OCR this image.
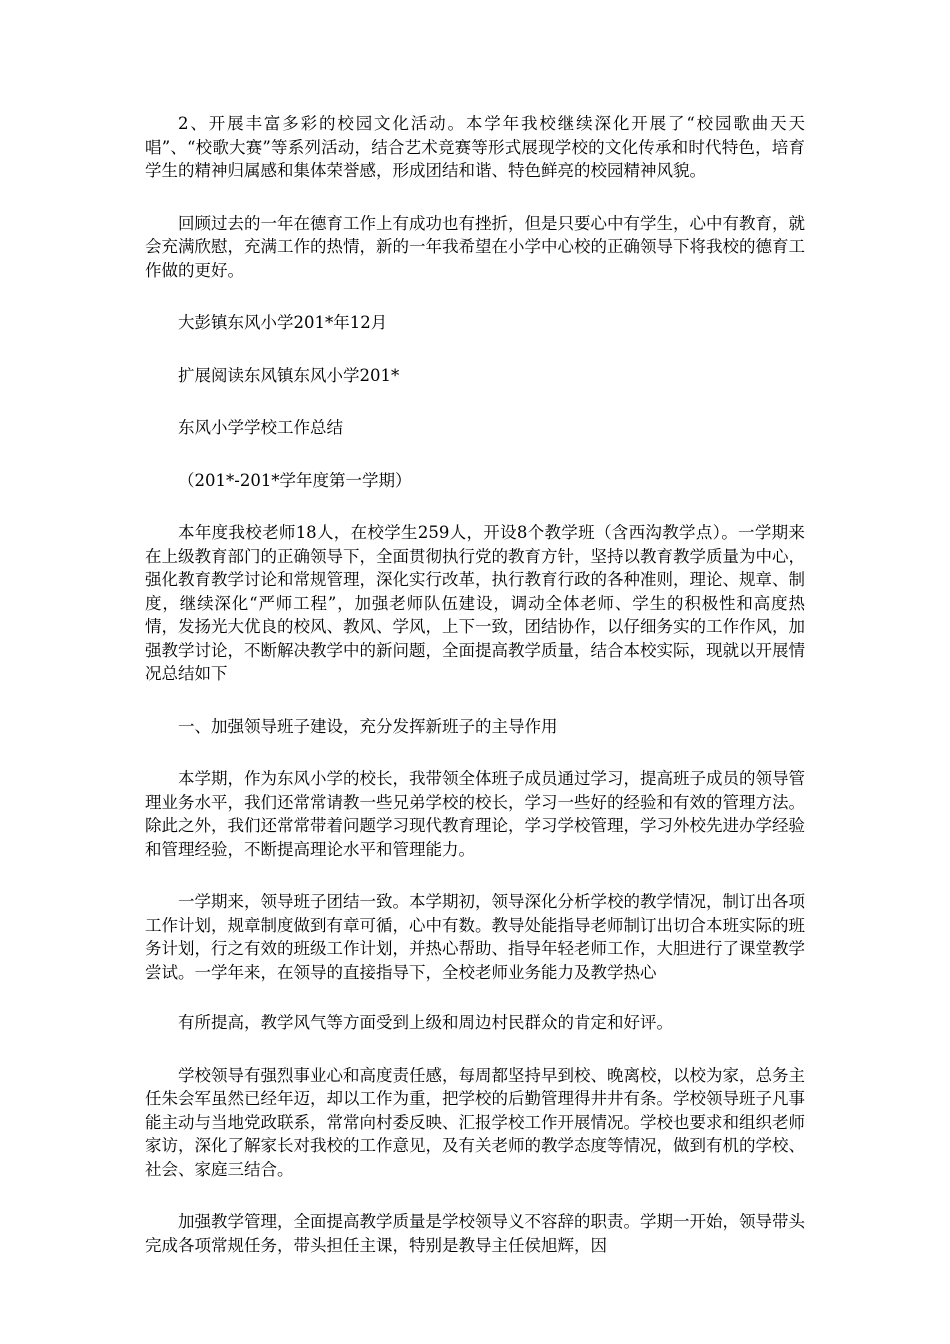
2、开展丰富多彩的校园文化活动。本学年我校继续深化开展了“校园歌曲天天唱”、“校歌大赛”等系列活动，结合艺术竞赛等形式展现学校的文化传承和时代特色，培育学生的精神归属感和集体荣誉感，形成团结和谐、特色鲜亮的校园精神风貌。

回顾过去的一年在德育工作上有成功也有挫折，但是只要心中有学生，心中有教育，就会充满欣慰，充满工作的热情，新的一年我希望在小学中心校的正确领导下将我校的德育工作做的更好。

大彭镇东风小学201*年12月

扩展阅读东风镇东风小学201*

东风小学学校工作总结

（201*-201*学年度第一学期）

本年度我校老师18人，在校学生259人，开设8个教学班（含西沟教学点）。一学期来在上级教育部门的正确领导下，全面贯彻执行党的教育方针，坚持以教育教学质量为中心，强化教育教学讨论和常规管理，深化实行改革，执行教育行政的各种准则，理论、规章、制度，继续深化“严师工程”，加强老师队伍建设，调动全体老师、学生的积极性和高度热情，发扬光大优良的校风、教风、学风，上下一致，团结协作，以仔细务实的工作作风，加强教学讨论，不断解决教学中的新问题，全面提高教学质量，结合本校实际，现就以开展情况总结如下

一、加强领导班子建设，充分发挥新班子的主导作用

本学期，作为东风小学的校长，我带领全体班子成员通过学习，提高班子成员的领导管理业务水平，我们还常常请教一些兄弟学校的校长，学习一些好的经验和有效的管理方法。除此之外，我们还常常带着问题学习现代教育理论，学习学校管理，学习外校先进办学经验和管理经验，不断提高理论水平和管理能力。

一学期来，领导班子团结一致。本学期初，领导深化分析学校的教学情况，制订出各项工作计划，规章制度做到有章可循，心中有数。教导处能指导老师制订出切合本班实际的班务计划，行之有效的班级工作计划，并热心帮助、指导年轻老师工作，大胆进行了课堂教学尝试。一学年来，在领导的直接指导下，全校老师业务能力及教学热心

有所提高，教学风气等方面受到上级和周边村民群众的肯定和好评。

学校领导有强烈事业心和高度责任感，每周都坚持早到校、晚离校，以校为家，总务主任朱会军虽然已经年迈，却以工作为重，把学校的后勤管理得井井有条。学校领导班子凡事能主动与当地党政联系，常常向村委反映、汇报学校工作开展情况。学校也要求和组织老师家访，深化了解家长对我校的工作意见，及有关老师的教学态度等情况，做到有机的学校、社会、家庭三结合。

加强教学管理，全面提高教学质量是学校领导义不容辞的职责。学期一开始，领导带头完成各项常规任务，带头担任主课，特别是教导主任侯旭辉，因
